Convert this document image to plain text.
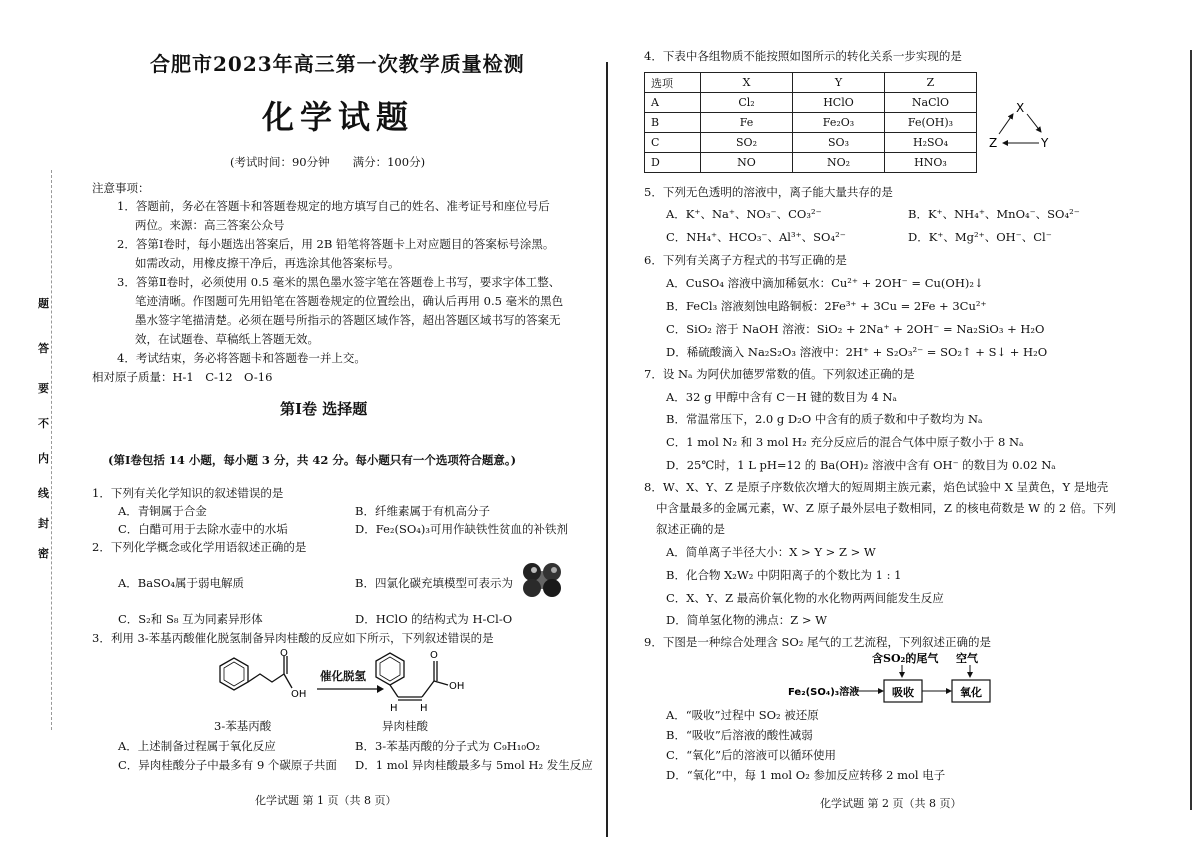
题
答
要
不
内
线
封
密
合肥市2023年高三第一次教学质量检测
化学试题
(考试时间：90分钟　　满分：100分)
注意事项：
1．答题前，务必在答题卡和答题卷规定的地方填写自己的姓名、准考证号和座位号后
两位。来源：高三答案公众号
2．答第Ⅰ卷时，每小题选出答案后，用 2B 铅笔将答题卡上对应题目的答案标号涂黑。
如需改动，用橡皮擦干净后，再选涂其他答案标号。
3．答第Ⅱ卷时，必须使用 0.5 毫米的黑色墨水签字笔在答题卷上书写，要求字体工整、
笔迹清晰。作图题可先用铅笔在答题卷规定的位置绘出，确认后再用 0.5 毫米的黑色
墨水签字笔描清楚。必须在题号所指示的答题区域作答，超出答题区域书写的答案无
效，在试题卷、草稿纸上答题无效。
4．考试结束，务必将答题卡和答题卷一并上交。
相对原子质量：H-1　C-12　O-16
第Ⅰ卷 选择题
(第Ⅰ卷包括 14 小题，每小题 3 分，共 42 分。每小题只有一个选项符合题意。)
1．下列有关化学知识的叙述错误的是
A．青铜属于合金	B．纤维素属于有机高分子
C．白醋可用于去除水壶中的水垢	D．Fe₂(SO₄)₃可用作缺铁性贫血的补铁剂
2．下列化学概念或化学用语叙述正确的是
A．BaSO₄属于弱电解质	B．四氯化碳充填模型可表示为
C．S₂和 S₈ 互为同素异形体	D．HClO 的结构式为 H-Cl-O
3．利用 3-苯基丙酸催化脱氢制备异肉桂酸的反应如下所示，下列叙述错误的是
O
OH
催化脱氢
O
OH
H H
3-苯基丙酸	异肉桂酸
A．上述制备过程属于氧化反应	B．3-苯基丙酸的分子式为 C₉H₁₀O₂
C．异肉桂酸分子中最多有 9 个碳原子共面 D．1 mol 异肉桂酸最多与 5mol H₂ 发生反应
化学试题 第 1 页（共 8 页）
4．下表中各组物质不能按照如图所示的转化关系一步实现的是
选项	X	Y	Z
A	Cl₂	HClO	NaClO
B	Fe	Fe₂O₃	Fe(OH)₃
C	SO₂	SO₃	H₂SO₄
D	NO	NO₂	HNO₃
X
Z	Y
5．下列无色透明的溶液中，离子能大量共存的是
A．K⁺、Na⁺、NO₃⁻、CO₃²⁻	B．K⁺、NH₄⁺、MnO₄⁻、SO₄²⁻
C．NH₄⁺、HCO₃⁻、Al³⁺、SO₄²⁻	D．K⁺、Mg²⁺、OH⁻、Cl⁻
6．下列有关离子方程式的书写正确的是
A．CuSO₄ 溶液中滴加稀氨水：Cu²⁺ + 2OH⁻ = Cu(OH)₂↓
B．FeCl₃ 溶液刻蚀电路铜板：2Fe³⁺ + 3Cu = 2Fe + 3Cu²⁺
C．SiO₂ 溶于 NaOH 溶液：SiO₂ + 2Na⁺ + 2OH⁻ = Na₂SiO₃ + H₂O
D．稀硫酸滴入 Na₂S₂O₃ 溶液中：2H⁺ + S₂O₃²⁻ = SO₂↑ + S↓ + H₂O
7．设 Nₐ 为阿伏加德罗常数的值。下列叙述正确的是
A．32 g 甲醇中含有 C－H 键的数目为 4 Nₐ
B．常温常压下，2.0 g D₂O 中含有的质子数和中子数均为 Nₐ
C．1 mol N₂ 和 3 mol H₂ 充分反应后的混合气体中原子数小于 8 Nₐ
D．25℃时，1 L pH=12 的 Ba(OH)₂ 溶液中含有 OH⁻ 的数目为 0.02 Nₐ
8．W、X、Y、Z 是原子序数依次增大的短周期主族元素，焰色试验中 X 呈黄色，Y 是地壳
中含量最多的金属元素，W、Z 原子最外层电子数相同，Z 的核电荷数是 W 的 2 倍。下列
叙述正确的是
A．简单离子半径大小：X > Y > Z > W
B．化合物 X₂W₂ 中阴阳离子的个数比为 1 : 1
C．X、Y、Z 最高价氧化物的水化物两两间能发生反应
D．简单氢化物的沸点：Z > W
9．下图是一种综合处理含 SO₂ 尾气的工艺流程，下列叙述正确的是
含SO₂的尾气 空气
Fe₂(SO₄)₃溶液	吸收	氧化
A．“吸收”过程中 SO₂ 被还原
B．“吸收”后溶液的酸性减弱
C．“氧化”后的溶液可以循环使用
D．“氧化”中，每 1 mol O₂ 参加反应转移 2 mol 电子
化学试题 第 2 页（共 8 页）
